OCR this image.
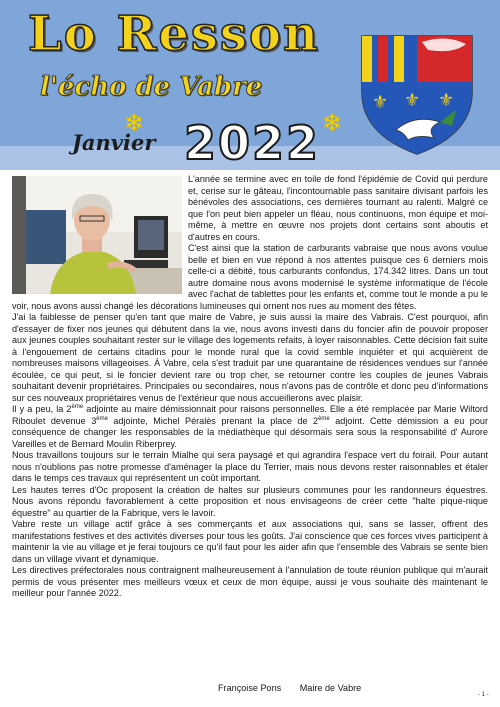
Lo Resson
l'écho de Vabre
⚜ ⚜ ⚜
❄	❄
Janvier 2022

L'année se termine avec en toile de fond l'épidémie de Covid qui perdure et, cerise sur le gâteau, l'incontournable pass sanitaire divisant parfois les bénévoles des associations, ces dernières tournant au ralenti. Malgré ce que l'on peut bien appeler un fléau, nous continuons, mon équipe et moi-même, à mettre en œuvre nos projets dont certains sont aboutis et d'autres en cours.

C'est ainsi que la station de carburants vabraise que nous avons voulue belle et bien en vue répond à nos attentes puisque ces 6 derniers mois celle-ci a débité, tous carburants confondus, 174.342 litres. Dans un tout autre domaine nous avons modernisé le système informatique de l'école avec l'achat de tablettes pour les enfants et, comme tout le monde a pu le voir, nous avons aussi changé les décorations lumineuses qui ornent nos rues au moment des fêtes.

J'ai la faiblesse de penser qu'en tant que maire de Vabre, je suis aussi la maire des Vabrais. C'est pourquoi, afin d'essayer de fixer nos jeunes qui débutent dans la vie, nous avons investi dans du foncier afin de pouvoir proposer aux jeunes couples souhaitant rester sur le village des logements refaits, à loyer raisonnables. Cette décision fait suite à l'engouement de certains citadins pour le monde rural que la covid semble inquiéter et qui acquièrent de nombreuses maisons villageoises. À Vabre, cela s'est traduit par une quarantaine de résidences vendues sur l'année écoulée, ce qui peut, si le foncier devient rare ou trop cher, se retourner contre les couples de jeunes Vabrais souhaitant devenir propriétaires. Principales ou secondaires, nous n'avons pas de contrôle et donc peu d'informations sur ces nouveaux propriétaires venus de l'extérieur que nous accueillerons avec plaisir.

Il y a peu, la 2ème adjointe au maire démissionnait pour raisons personnelles. Elle a été remplacée par Marie Wiltord Riboulet devenue 3ème adjointe, Michel Péralès prenant la place de 2ème adjoint. Cette démission a eu pour conséquence de changer les responsables de la médiathèque qui désormais sera sous la responsabilité d' Aurore Vareilles et de Bernard Moulin Riberprey.

Nous travaillons toujours sur le terrain Mialhe qui sera paysagé et qui agrandira l'espace vert du foirail. Pour autant nous n'oublions pas notre promesse d'aménager la place du Terrier, mais nous devons rester raisonnables et étaler dans le temps ces travaux qui représentent un coût important.

Les hautes terres d'Oc proposent la création de haltes sur plusieurs communes pour les randonneurs équestres. Nous avons répondu favorablement à cette proposition et nous envisageons de créer cette "halte pique-nique équestre" au quartier de la Fabrique, vers le lavoir.

Vabre reste un village actif grâce à ses commerçants et aux associations qui, sans se lasser, offrent des manifestations festives et des activités diverses pour tous les goûts. J'ai conscience que ces forces vives participent à maintenir la vie au village et je ferai toujours ce qu'il faut pour les aider afin que l'ensemble des Vabrais se sente bien dans un village vivant et dynamique.

Les directives préfectorales nous contraignent malheureusement à l'annulation de toute réunion publique qui m'aurait permis de vous présenter mes meilleurs vœux et ceux de mon équipe, aussi je vous souhaite dès maintenant le meilleur pour l'année 2022.

Françoise Pons Maire de Vabre
- 1 -
